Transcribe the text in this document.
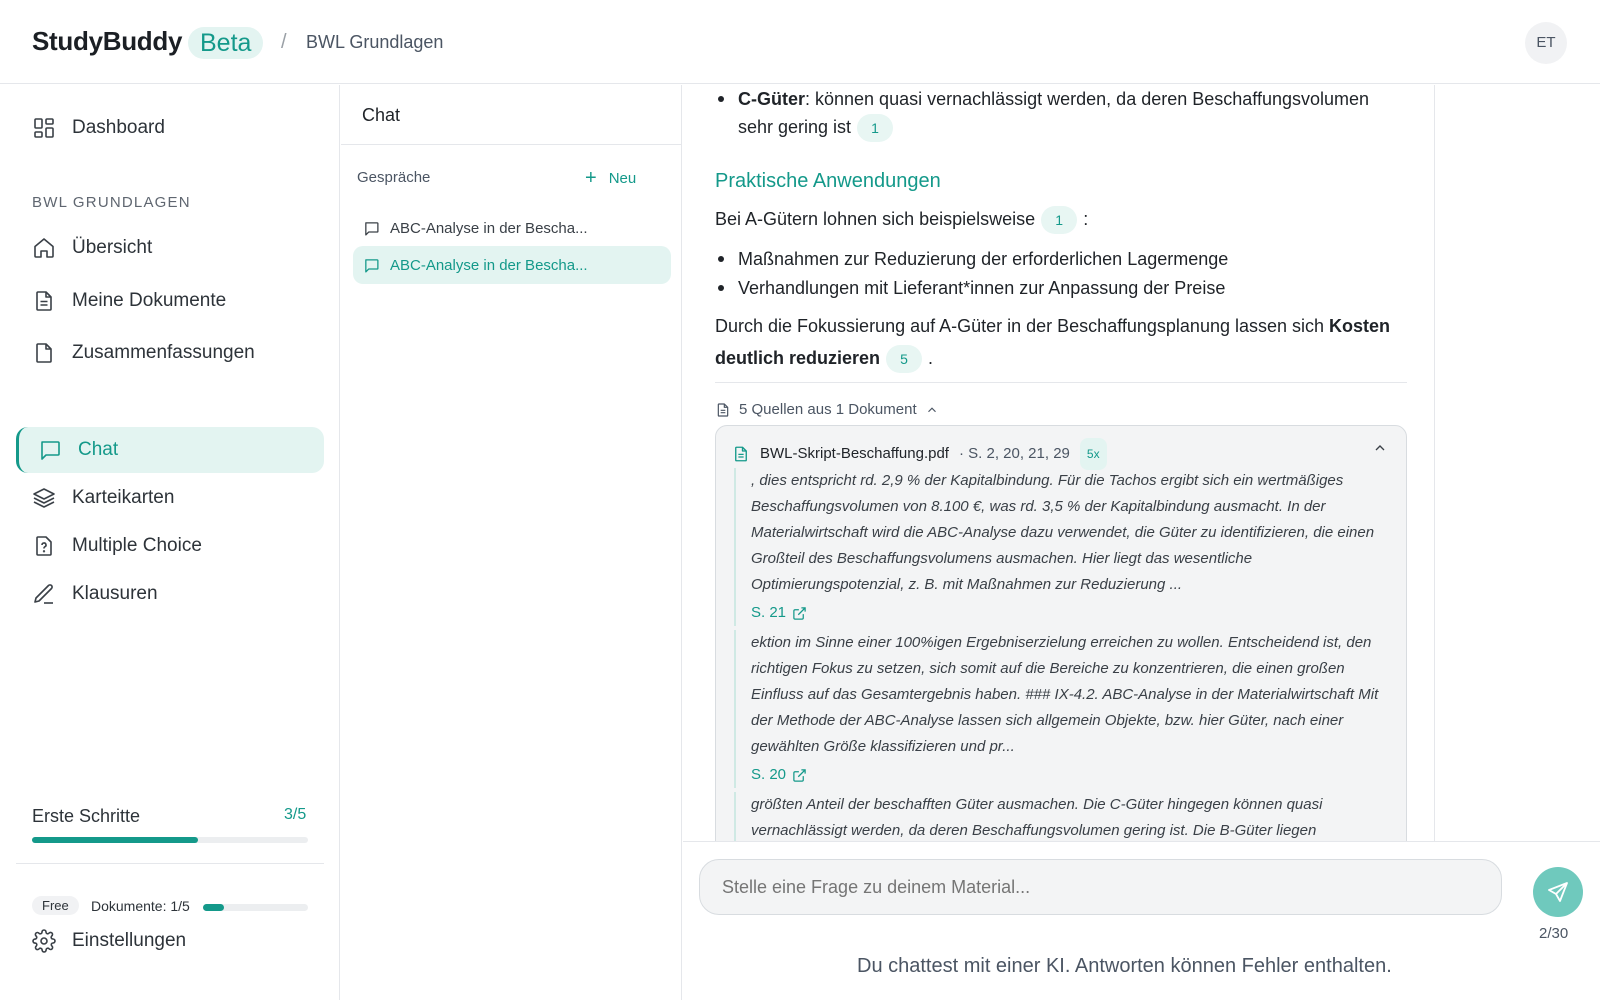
StudyBuddy Beta	/ BWL Grundlagen	ET
Dashboard
BWL GRUNDLAGEN
Übersicht
Meine Dokumente
Zusammenfassungen
Chat
Karteikarten
Multiple Choice
Klausuren
Erste Schritte	3/5
Free	Dokumente: 1/5
Einstellungen
Chat
Gespräche	+ Neu
ABC-Analyse in der Bescha...
ABC-Analyse in der Bescha...
C-Güter: können quasi vernachlässigt werden, da deren Beschaffungsvolumen
sehr gering ist 1
Praktische Anwendungen
Bei A-Gütern lohnen sich beispielsweise 1 :
Maßnahmen zur Reduzierung der erforderlichen Lagermenge
Verhandlungen mit Lieferant*innen zur Anpassung der Preise
Durch die Fokussierung auf A-Güter in der Beschaffungsplanung lassen sich Kosten
deutlich reduzieren 5 .
5 Quellen aus 1 Dokument
BWL-Skript-Beschaffung.pdf · S. 2, 20, 21, 29	5x
, dies entspricht rd. 2,9 % der Kapitalbindung. Für die Tachos ergibt sich ein wertmäßiges Beschaffungsvolumen von 8.100 €, was rd. 3,5 % der Kapitalbindung ausmacht. In der Materialwirtschaft wird die ABC-Analyse dazu verwendet, die Güter zu identifizieren, die einen Großteil des Beschaffungsvolumens ausmachen. Hier liegt das wesentliche Optimierungspotenzial, z. B. mit Maßnahmen zur Reduzierung ...
S. 21
ektion im Sinne einer 100%igen Ergebniserzielung erreichen zu wollen. Entscheidend ist, den richtigen Fokus zu setzen, sich somit auf die Bereiche zu konzentrieren, die einen großen Einfluss auf das Gesamtergebnis haben. ### IX-4.2. ABC-Analyse in der Materialwirtschaft Mit der Methode der ABC-Analyse lassen sich allgemein Objekte, bzw. hier Güter, nach einer gewählten Größe klassifizieren und pr...
S. 20
größten Anteil der beschafften Güter ausmachen. Die C-Güter hingegen können quasi vernachlässigt werden, da deren Beschaffungsvolumen gering ist. Die B-Güter liegen
Stelle eine Frage zu deinem Material...
2/30
Du chattest mit einer KI. Antworten können Fehler enthalten.
